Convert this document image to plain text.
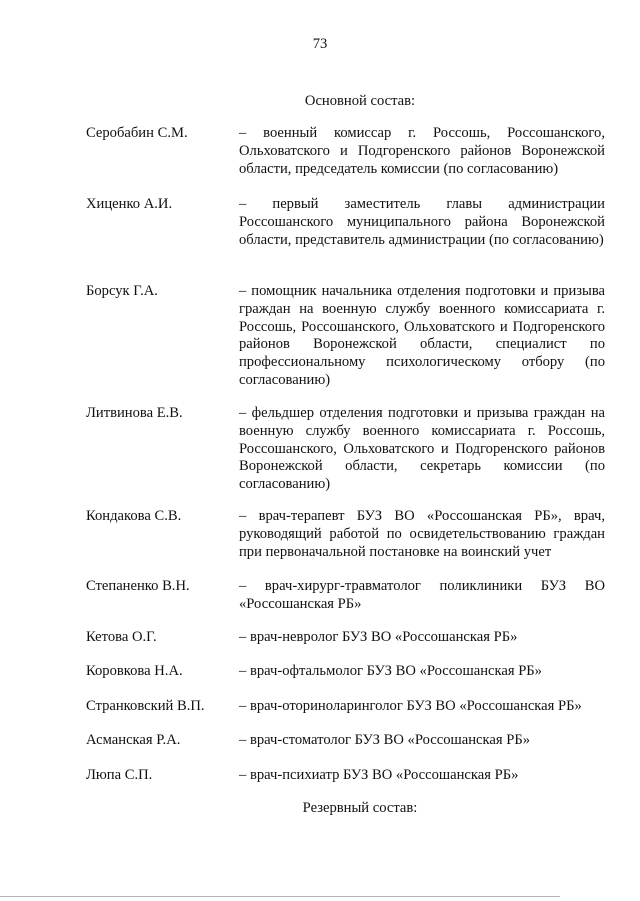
73
Основной состав:
Серобабин С.М.	– военный комиссар г. Россошь, Россошанского, Ольховатского и Подгоренского районов Воронежской области, председатель комиссии (по согласованию)
Хиценко А.И.	– первый заместитель главы администрации Россошанского муниципального района Воронежской области, представитель администрации (по согласованию)
Борсук Г.А.	– помощник начальника отделения подготовки и призыва граждан на военную службу военного комиссариата г. Россошь, Россошанского, Ольховатского и Подгоренского районов Воронежской области, специалист по профессиональному психологическому отбору (по согласованию)
Литвинова Е.В.	– фельдшер отделения подготовки и призыва граждан на военную службу военного комиссариата г. Россошь, Россошанского, Ольховатского и Подгоренского районов Воронежской области, секретарь комиссии (по согласованию)
Кондакова С.В.	– врач-терапевт БУЗ ВО «Россошанская РБ», врач, руководящий работой по освидетельствованию граждан при первоначальной постановке на воинский учет
Степаненко В.Н.	– врач-хирург-травматолог поликлиники БУЗ ВО «Россошанская РБ»
Кетова О.Г.	– врач-невролог БУЗ ВО «Россошанская РБ»
Коровкова Н.А.	– врач-офтальмолог БУЗ ВО «Россошанская РБ»
Странковский В.П. – врач-оториноларинголог БУЗ ВО «Россошанская РБ»
Асманская Р.А.	– врач-стоматолог БУЗ ВО «Россошанская РБ»
Люпа С.П.	– врач-психиатр БУЗ ВО «Россошанская РБ»
Резервный состав:
